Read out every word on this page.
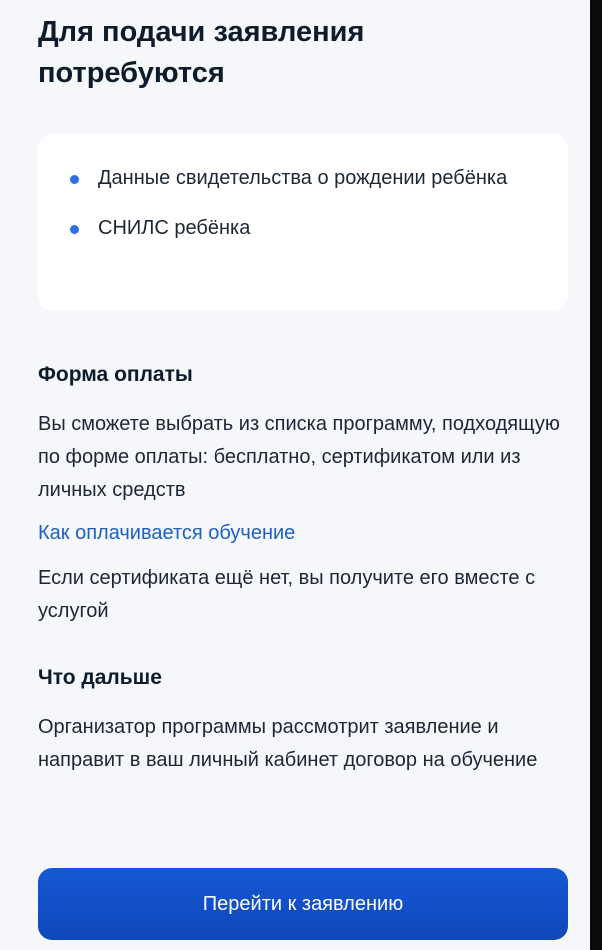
Для подачи заявления потребуются
Данные свидетельства о рождении ребёнка
СНИЛС ребёнка
Форма оплаты

Вы сможете выбрать из списка программу, подходящую по форме оплаты: бесплатно, сертификатом или из личных средств

Как оплачивается обучение

Если сертификата ещё нет, вы получите его вместе с услугой

Что дальше

Организатор программы рассмотрит заявление и направит в ваш личный кабинет договор на обучение

Перейти к заявлению
